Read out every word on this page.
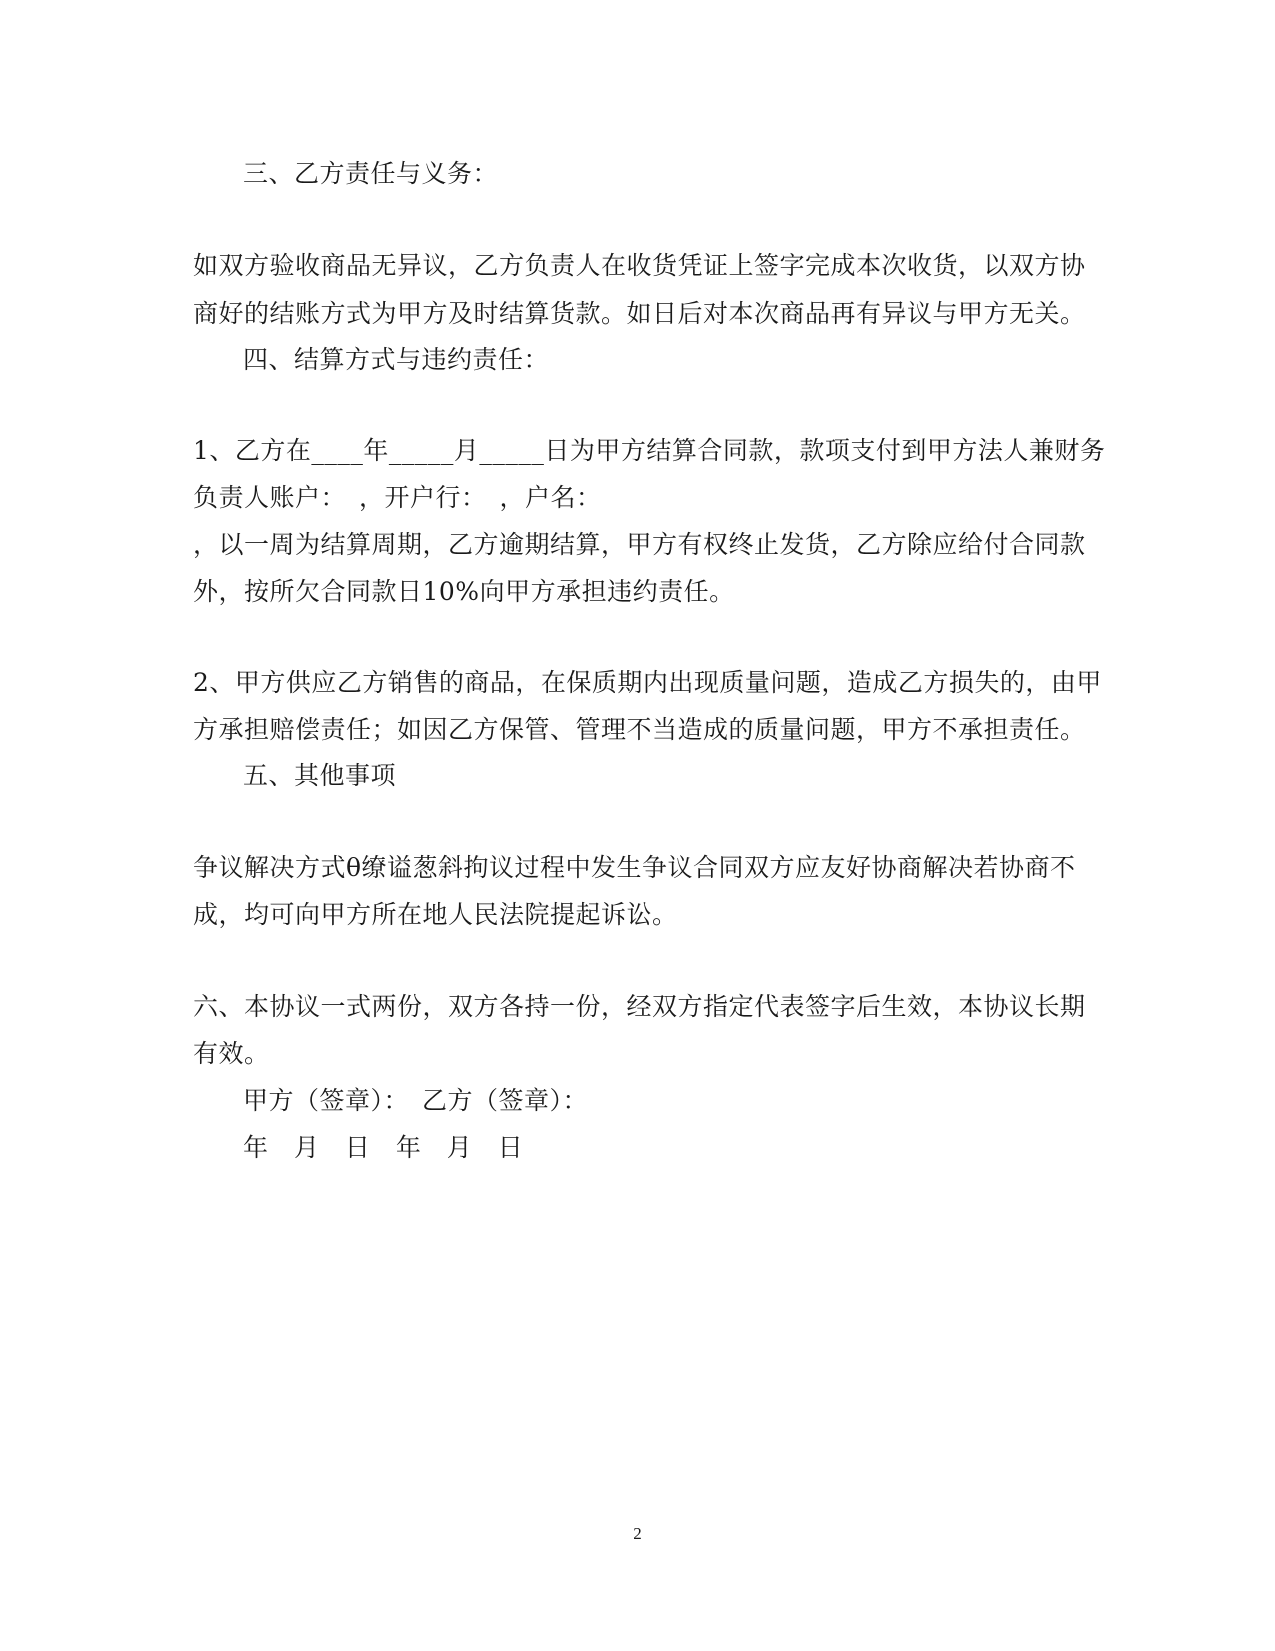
三、乙方责任与义务：
如双方验收商品无异议，乙方负责人在收货凭证上签字完成本次收货，以双方协
商好的结账方式为甲方及时结算货款。如日后对本次商品再有异议与甲方无关。
四、结算方式与违约责任：
1、乙方在____年_____月_____日为甲方结算合同款，款项支付到甲方法人兼财务
负责人账户：　，开户行：　，户名：
，以一周为结算周期，乙方逾期结算，甲方有权终止发货，乙方除应给付合同款
外，按所欠合同款日10%向甲方承担违约责任。
2、甲方供应乙方销售的商品，在保质期内出现质量问题，造成乙方损失的，由甲
方承担赔偿责任；如因乙方保管、管理不当造成的质量问题，甲方不承担责任。
五、其他事项
争议解决方式θ缭谥葱斜拘议过程中发生争议合同双方应友好协商解决若协商不
成，均可向甲方所在地人民法院提起诉讼。
六、本协议一式两份，双方各持一份，经双方指定代表签字后生效，本协议长期
有效。
甲方（签章）：　乙方（签章）：
年 月 日 年 月 日
2
